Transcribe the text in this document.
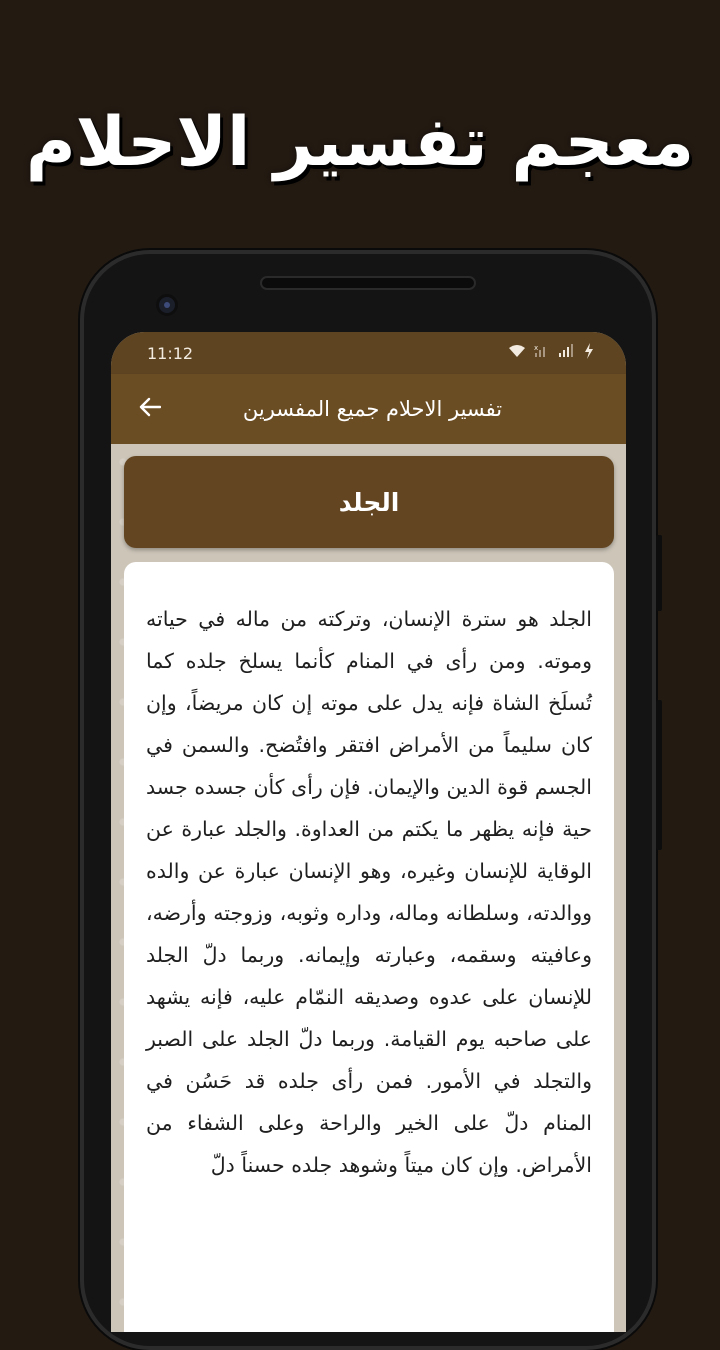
معجم تفسير الاحلام
11:12	x
تفسير الاحلام جميع المفسرين
الجلد

الجلد هو سترة الإنسان، وتركته من ماله في حياته وموته. ومن رأى في المنام كأنما يسلخ جلده كما تُسلَخ الشاة فإنه يدل على موته إن كان مريضاً، وإن كان سليماً من الأمراض افتقر وافتُضح. والسمن في الجسم قوة الدين والإيمان. فإن رأى كأن جسده جسد حية فإنه يظهر ما يكتم من العداوة. والجلد عبارة عن الوقاية للإنسان وغيره، وهو الإنسان عبارة عن والده ووالدته، وسلطانه وماله، وداره وثوبه، وزوجته وأرضه، وعافيته وسقمه، وعبارته وإيمانه. وربما دلّ الجلد للإنسان على عدوه وصديقه النمّام عليه، فإنه يشهد على صاحبه يوم القيامة. وربما دلّ الجلد على الصبر والتجلد في الأمور. فمن رأى جلده قد حَسُن في المنام دلّ على الخير والراحة وعلى الشفاء من الأمراض. وإن كان ميتاً وشوهد جلده حسناً دلّ
